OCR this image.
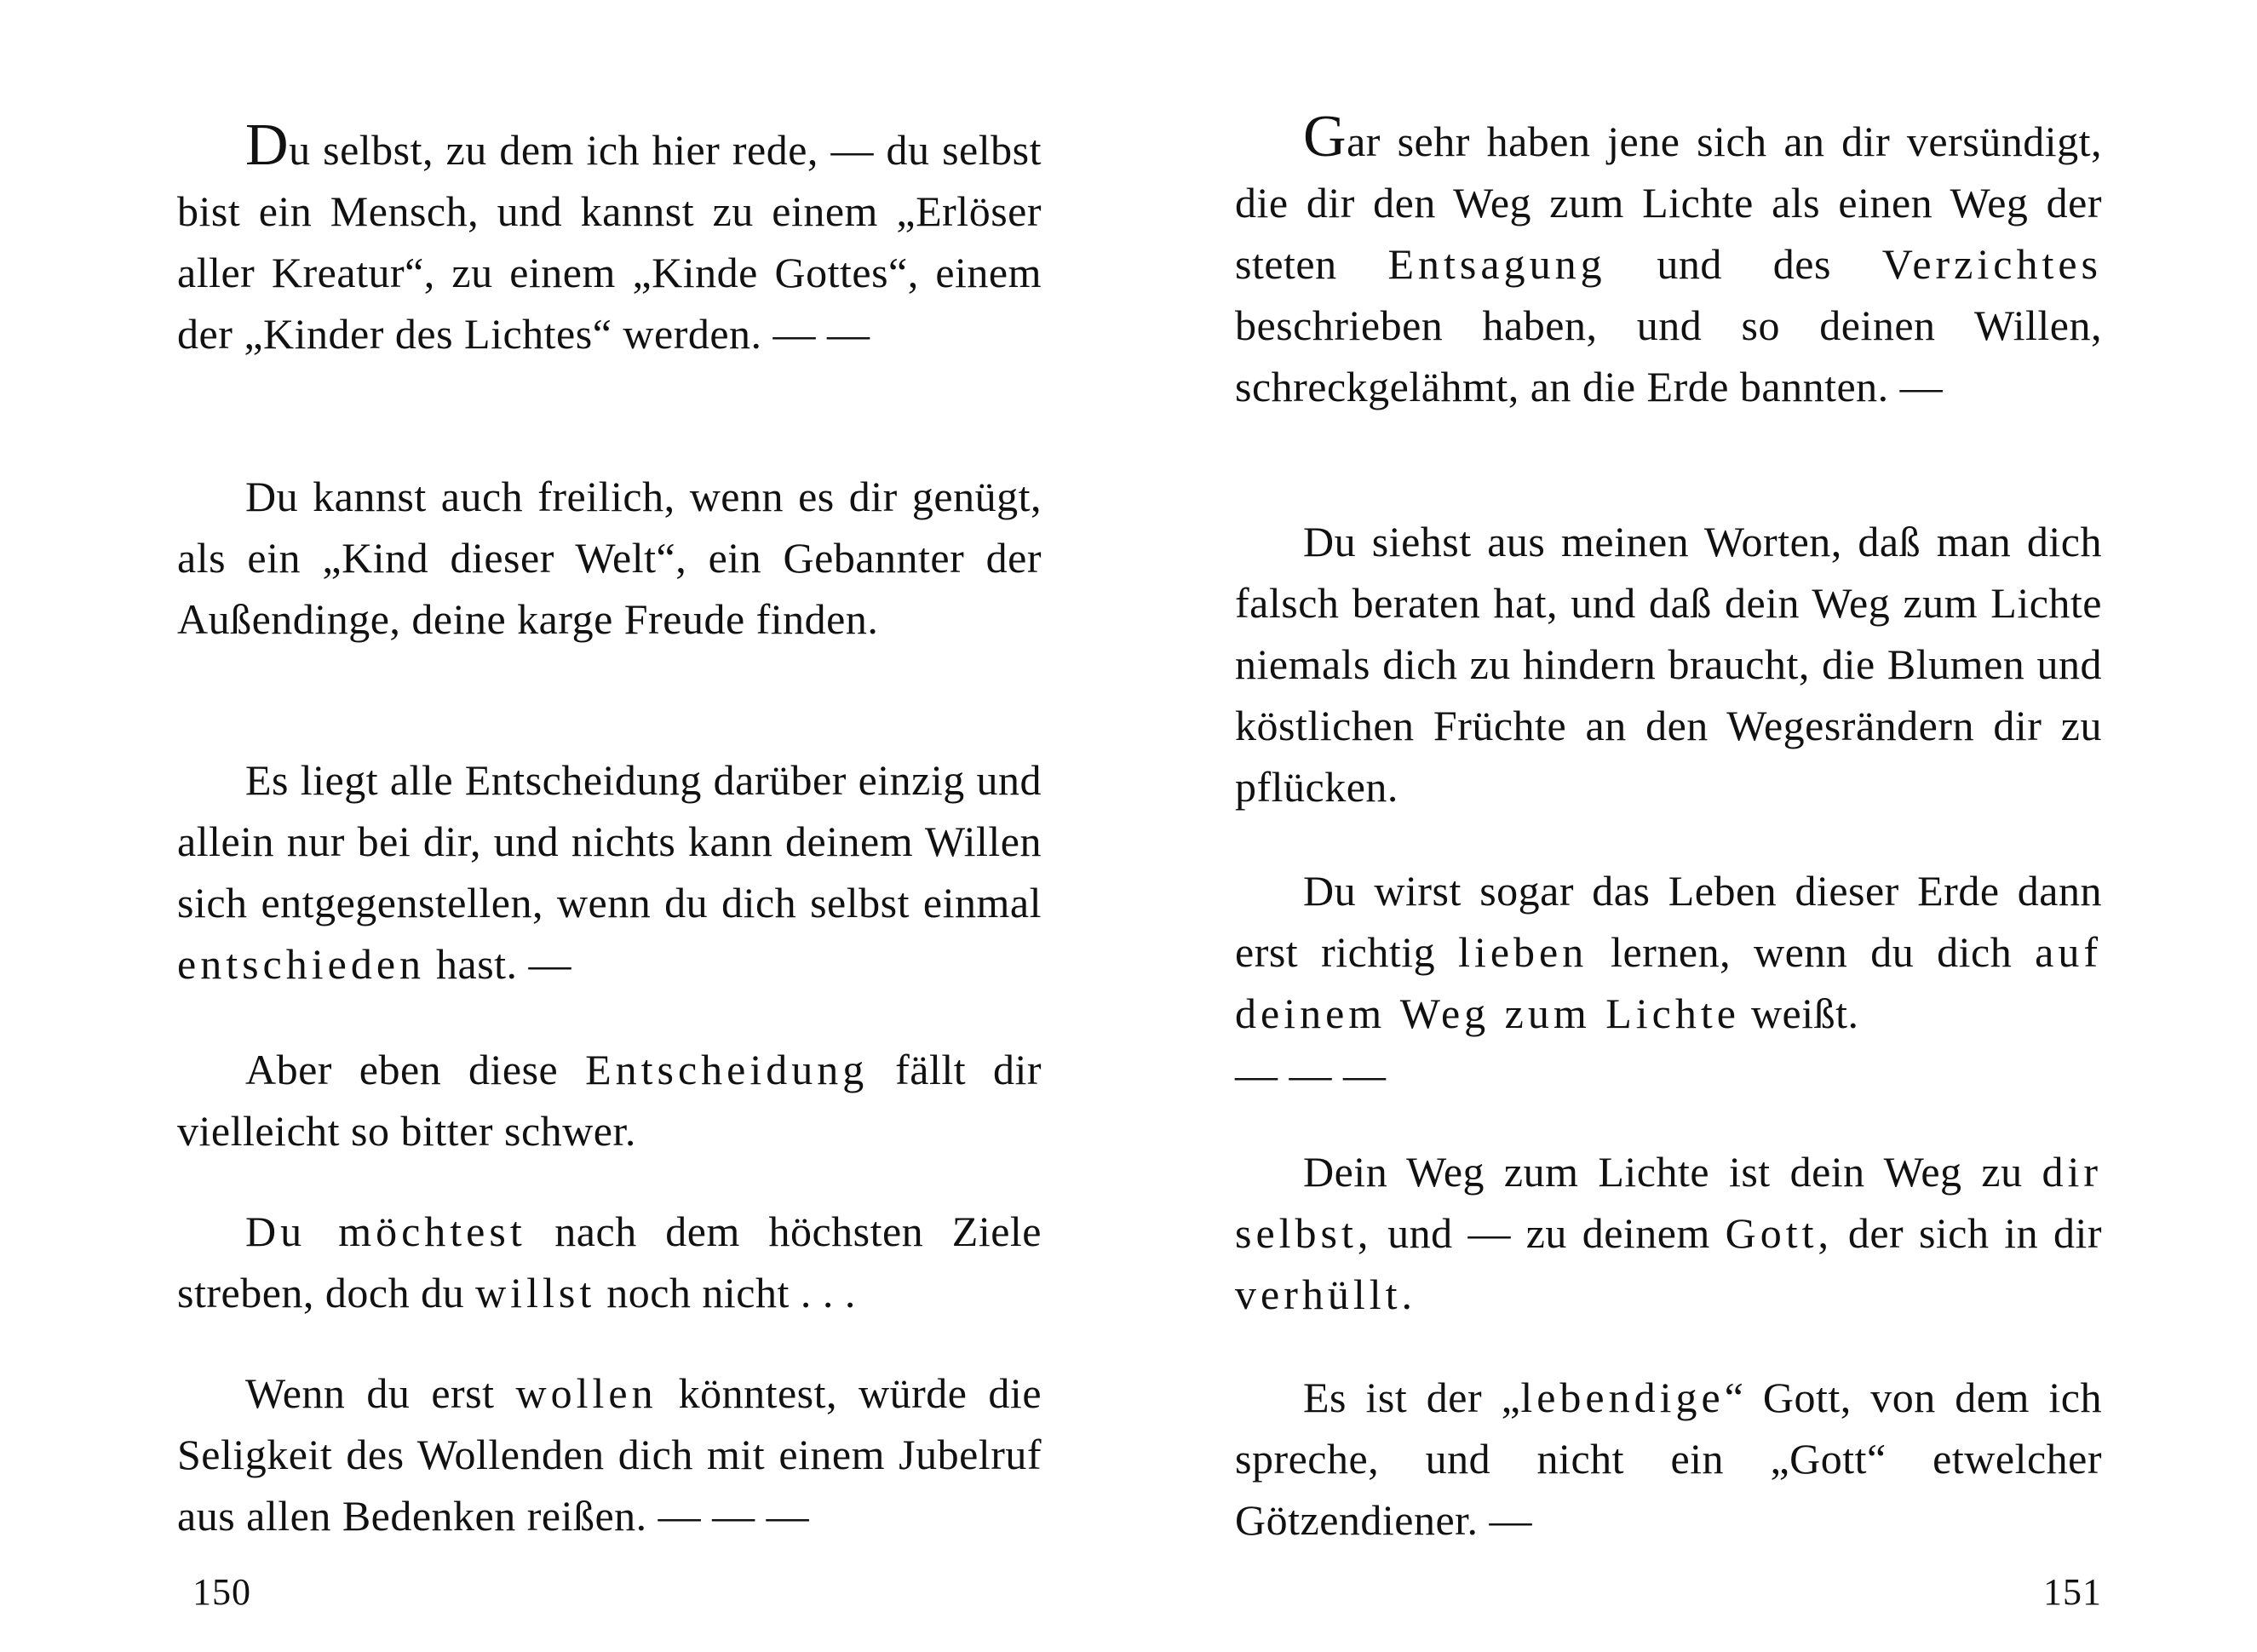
Du selbst, zu dem ich hier rede, — du selbst bist ein Mensch, und kannst zu einem „Erlöser aller Kreatur“, zu einem „Kinde Gottes“, einem der „Kinder des Lichtes“ werden. — —

Du kannst auch freilich, wenn es dir genügt, als ein „Kind dieser Welt“, ein Gebannter der Außendinge, deine karge Freude finden.

Es liegt alle Entscheidung darüber einzig und allein nur bei dir, und nichts kann deinem Willen sich entgegenstellen, wenn du dich selbst einmal entschieden hast. —

Aber eben diese Entscheidung fällt dir vielleicht so bitter schwer.

Du möchtest nach dem höchsten Ziele streben, doch du willst noch nicht . . .

Wenn du erst wollen könntest, würde die Seligkeit des Wollenden dich mit einem Jubelruf aus allen Bedenken reißen. — — —

150

Gar sehr haben jene sich an dir versündigt, die dir den Weg zum Lichte als einen Weg der steten Entsagung und des Verzichtes beschrieben haben, und so deinen Willen, schreckgelähmt, an die Erde bannten. —

Du siehst aus meinen Worten, daß man dich falsch beraten hat, und daß dein Weg zum Lichte niemals dich zu hindern braucht, die Blumen und köstlichen Früchte an den Wegesrändern dir zu pflücken.

Du wirst sogar das Leben dieser Erde dann erst richtig lieben lernen, wenn du dich auf deinem Weg zum Lichte weißt.
— — —

Dein Weg zum Lichte ist dein Weg zu dir selbst, und — zu deinem Gott, der sich in dir verhüllt.

Es ist der „lebendige“ Gott, von dem ich spreche, und nicht ein „Gott“ etwelcher Götzendiener. —

151
